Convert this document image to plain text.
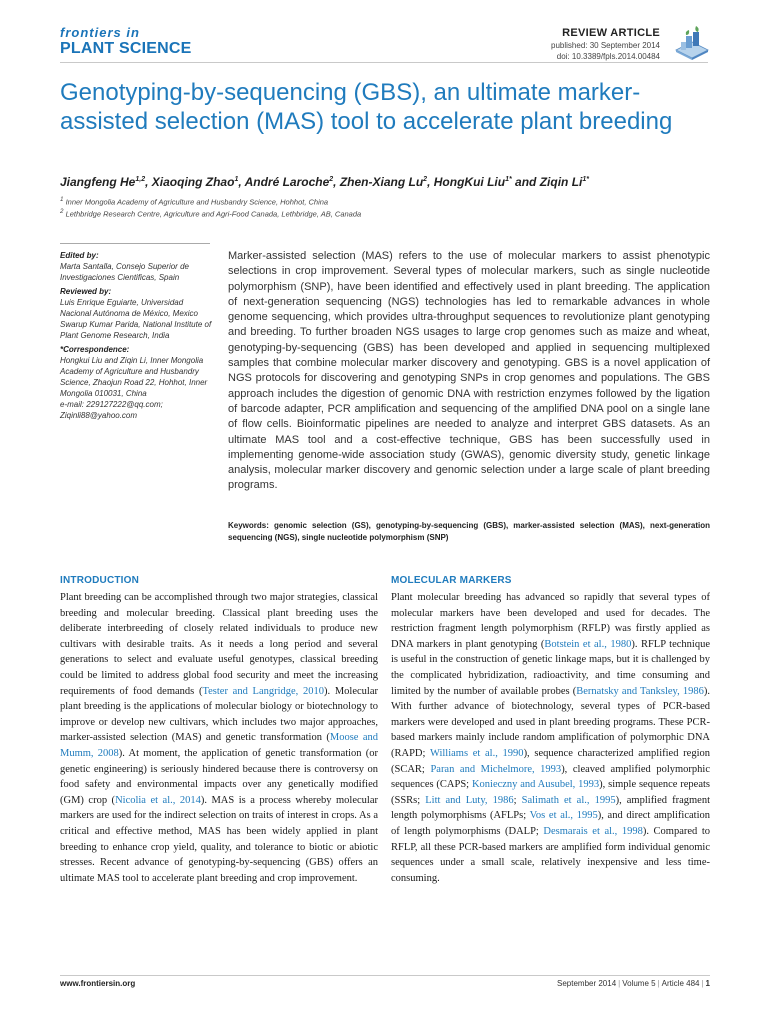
frontiers in
PLANT SCIENCE
REVIEW ARTICLE
published: 30 September 2014
doi: 10.3389/fpls.2014.00484
Genotyping-by-sequencing (GBS), an ultimate marker-assisted selection (MAS) tool to accelerate plant breeding
Jiangfeng He$^{1,2}$, Xiaoqing Zhao$^1$, André Laroche$^2$, Zhen-Xiang Lu$^2$, HongKui Liu$^{1*}$ and Ziqin $Li^{1*}$
$^1$ Inner Mongolia Academy of Agriculture and Husbandry Science, Hohhot, China
$^2$ Lethbridge Research Centre, Agriculture and Agri-Food Canada, Lethbridge, AB, Canada
Edited by:
Marta Santalla, Consejo Superior de Investigaciones Cientificas, Spain
Reviewed by:
Luis Enrique Eguiarte, Universidad Nacional Autónoma de México, Mexico
Swarup Kumar Parida, National Institute of Plant Genome Research, India
*Correspondence:
Hongkui Liu and Ziqin Li, Inner Mongolia Academy of Agriculture and Husbandry Science, Zhaojun Road 22, Hohhot, Inner Mongolia 010031, China
e-mail: 229127222@qq.com;
Ziqinli88@yahoo.com
Marker-assisted selection (MAS) refers to the use of molecular markers to assist phenotypic selections in crop improvement. Several types of molecular markers, such as single nucleotide polymorphism (SNP), have been identified and effectively used in plant breeding. The application of next-generation sequencing (NGS) technologies has led to remarkable advances in whole genome sequencing, which provides ultra-throughput sequences to revolutionize plant genotyping and breeding. To further broaden NGS usages to large crop genomes such as maize and wheat, genotyping-by-sequencing (GBS) has been developed and applied in sequencing multiplexed samples that combine molecular marker discovery and genotyping. GBS is a novel application of NGS protocols for discovering and genotyping SNPs in crop genomes and populations. The GBS approach includes the digestion of genomic DNA with restriction enzymes followed by the ligation of barcode adapter, PCR amplification and sequencing of the amplified DNA pool on a single lane of flow cells. Bioinformatic pipelines are needed to analyze and interpret GBS datasets. As an ultimate MAS tool and a cost-effective technique, GBS has been successfully used in implementing genome-wide association study (GWAS), genomic diversity study, genetic linkage analysis, molecular marker discovery and genomic selection under a large scale of plant breeding programs.
Keywords: genomic selection (GS), genotyping-by-sequencing (GBS), marker-assisted selection (MAS), next-generation sequencing (NGS), single nucleotide polymorphism (SNP)
INTRODUCTION
Plant breeding can be accomplished through two major strategies, classical breeding and molecular breeding. Classical plant breeding uses the deliberate interbreeding of closely related individuals to produce new cultivars with desirable traits. As it needs a long period and several generations to select and evaluate useful genotypes, classical breeding could be limited to address global food security and meet the increasing requirements of food demands (Tester and Langridge, 2010). Molecular plant breeding is the applications of molecular biology or biotechnology to improve or develop new cultivars, which includes two major approaches, marker-assisted selection (MAS) and genetic transformation (Moose and Mumm, 2008). At moment, the application of genetic transformation (or genetic engineering) is seriously hindered because there is controversy on food safety and environmental impacts over any genetically modified (GM) crop (Nicolia et al., 2014). MAS is a process whereby molecular markers are used for the indirect selection on traits of interest in crops. As a critical and effective method, MAS has been widely applied in plant breeding to enhance crop yield, quality, and tolerance to biotic or abiotic stresses. Recent advance of genotyping-by-sequencing (GBS) offers an ultimate MAS tool to accelerate plant breeding and crop improvement.
MOLECULAR MARKERS
Plant molecular breeding has advanced so rapidly that several types of molecular markers have been developed and used for decades. The restriction fragment length polymorphism (RFLP) was firstly applied as DNA markers in plant genotyping (Botstein et al., 1980). RFLP technique is useful in the construction of genetic linkage maps, but it is challenged by the complicated hybridization, radioactivity, and time consuming and limited by the number of available probes (Bernatsky and Tanksley, 1986). With further advance of biotechnology, several types of PCR-based markers were developed and used in plant breeding programs. These PCR-based markers mainly include random amplification of polymorphic DNA (RAPD; Williams et al., 1990), sequence characterized amplified region (SCAR; Paran and Michelmore, 1993), cleaved amplified polymorphic sequences (CAPS; Konieczny and Ausubel, 1993), simple sequence repeats (SSRs; Litt and Luty, 1986; Salimath et al., 1995), amplified fragment length polymorphisms (AFLPs; Vos et al., 1995), and direct amplification of length polymorphisms (DALP; Desmarais et al., 1998). Compared to RFLP, all these PCR-based markers are amplified form individual genomic sequences under a small scale, relatively inexpensive and less time-consuming.
www.frontiersin.org	September 2014 | Volume 5 | Article 484 | 1
